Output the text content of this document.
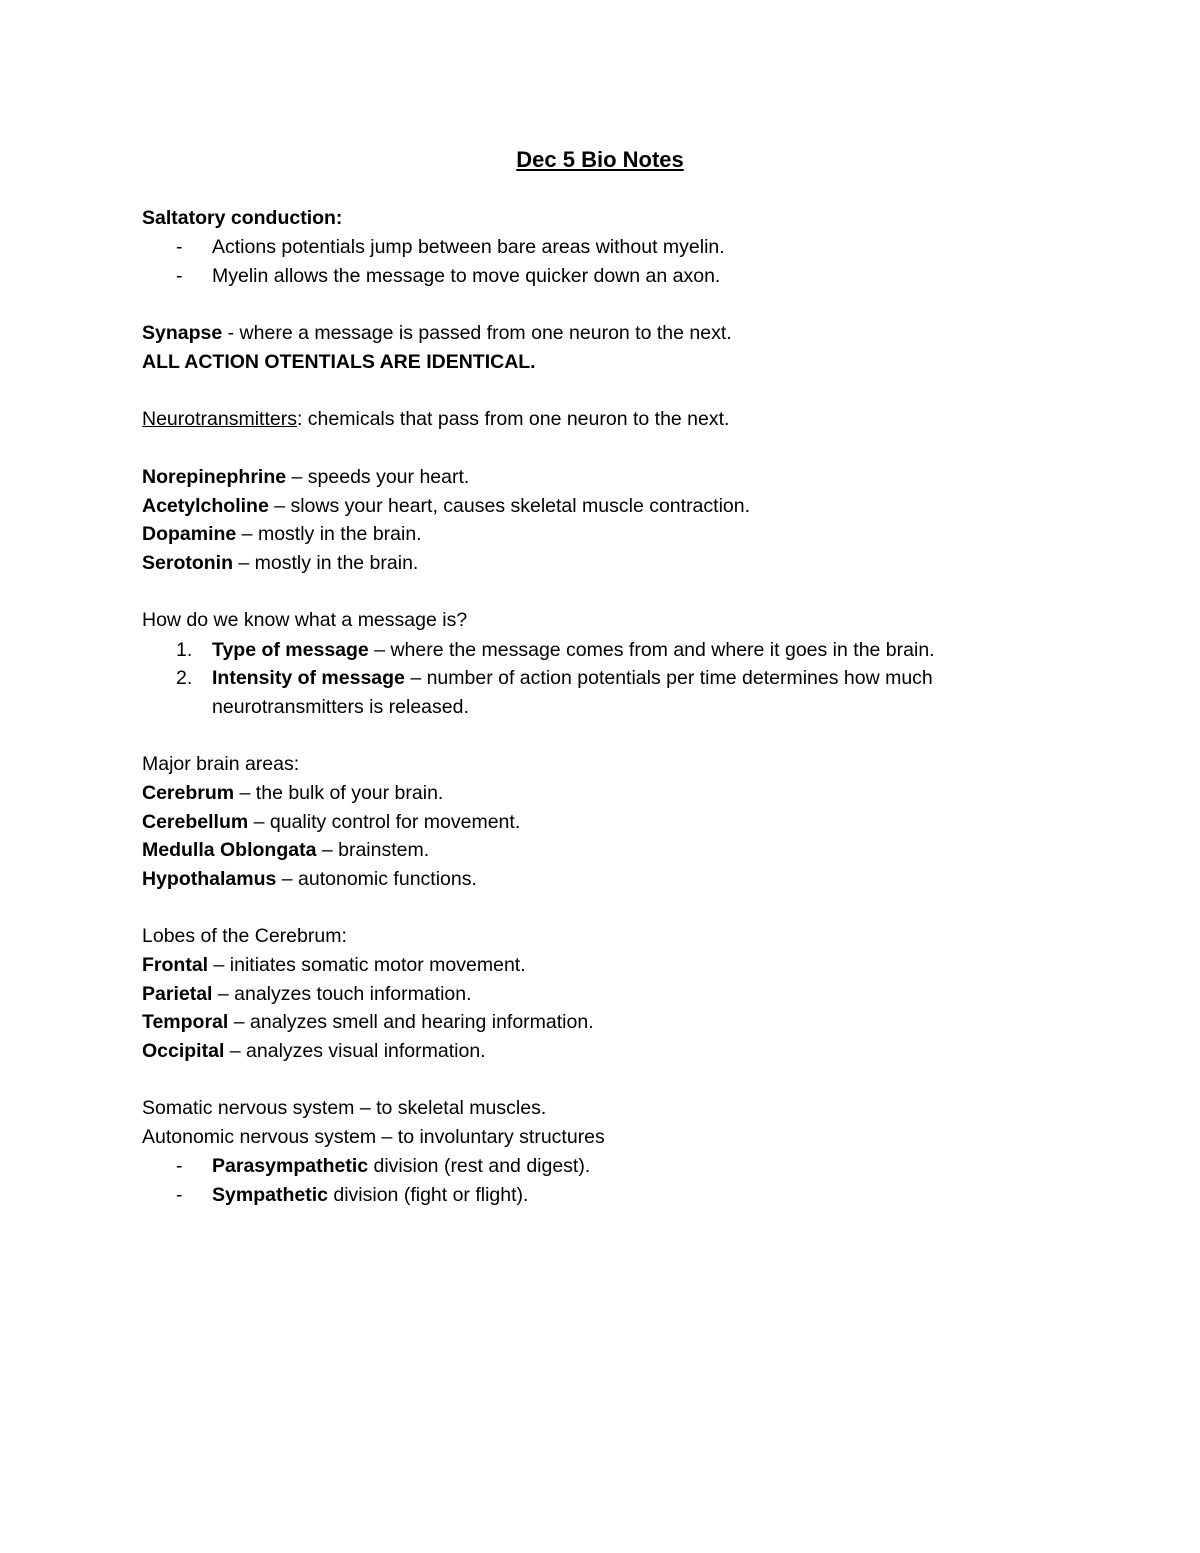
Dec 5 Bio Notes
Saltatory conduction:
- Actions potentials jump between bare areas without myelin.
- Myelin allows the message to move quicker down an axon.
Synapse - where a message is passed from one neuron to the next.
ALL ACTION OTENTIALS ARE IDENTICAL.
Neurotransmitters: chemicals that pass from one neuron to the next.
Norepinephrine – speeds your heart.
Acetylcholine – slows your heart, causes skeletal muscle contraction.
Dopamine – mostly in the brain.
Serotonin – mostly in the brain.
How do we know what a message is?
1. Type of message – where the message comes from and where it goes in the brain.
2. Intensity of message – number of action potentials per time determines how much
neurotransmitters is released.
Major brain areas:
Cerebrum – the bulk of your brain.
Cerebellum – quality control for movement.
Medulla Oblongata – brainstem.
Hypothalamus – autonomic functions.
Lobes of the Cerebrum:
Frontal – initiates somatic motor movement.
Parietal – analyzes touch information.
Temporal – analyzes smell and hearing information.
Occipital – analyzes visual information.
Somatic nervous system – to skeletal muscles.
Autonomic nervous system – to involuntary structures
- Parasympathetic division (rest and digest).
- Sympathetic division (fight or flight).
